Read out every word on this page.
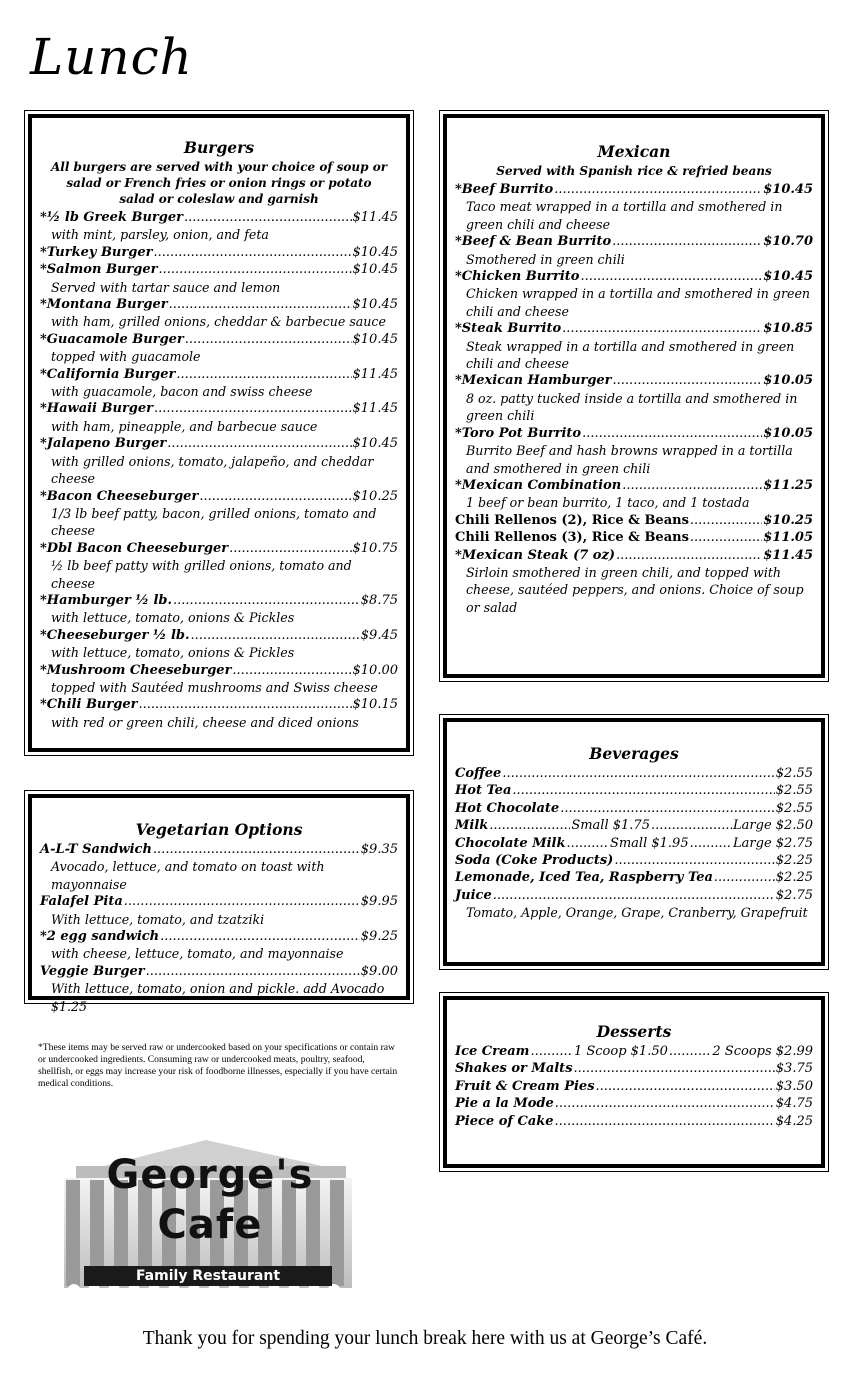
Lunch
Burgers
All burgers are served with your choice of soup or salad or French fries or onion rings or potato salad or coleslaw and garnish
*½ lb Greek Burger .....	$11.45
with mint, parsley, onion, and feta
*Turkey Burger .....	$10.45
*Salmon Burger .....	$10.45
Served with tartar sauce and lemon
*Montana Burger .....	$10.45
with ham, grilled onions, cheddar & barbecue sauce
*Guacamole Burger .....	$10.45
topped with guacamole
*California Burger .....	$11.45
with guacamole, bacon and swiss cheese
*Hawaii Burger .....	$11.45
with ham, pineapple, and barbecue sauce
*Jalapeno Burger .....	$10.45
with grilled onions, tomato, jalapeño, and cheddar cheese
*Bacon Cheeseburger .....	$10.25
1/3 lb beef patty, bacon, grilled onions, tomato and cheese
*Dbl Bacon Cheeseburger .....	$10.75
½ lb beef patty with grilled onions, tomato and cheese
*Hamburger ½ lb. .....	$8.75
with lettuce, tomato, onions & Pickles
*Cheeseburger ½ lb. .....	$9.45
with lettuce, tomato, onions & Pickles
*Mushroom Cheeseburger .....	$10.00
topped with Sautéed mushrooms and Swiss cheese
*Chili Burger .....	$10.15
with red or green chili, cheese and diced onions
Vegetarian Options
A-L-T Sandwich .....	$9.35
Avocado, lettuce, and tomato on toast with mayonnaise
Falafel Pita .....	$9.95
With lettuce, tomato, and tzatziki
*2 egg sandwich .....	$9.25
with cheese, lettuce, tomato, and mayonnaise
Veggie Burger .....	$9.00
With lettuce, tomato, onion and pickle. add Avocado $1.25
Mexican
Served with Spanish rice & refried beans
*Beef Burrito .....	$10.45
Taco meat wrapped in a tortilla and smothered in green chili and cheese
*Beef & Bean Burrito .....	$10.70
Smothered in green chili
*Chicken Burrito .....	$10.45
Chicken wrapped in a tortilla and smothered in green chili and cheese
*Steak Burrito .....	$10.85
Steak wrapped in a tortilla and smothered in green chili and cheese
*Mexican Hamburger .....	$10.05
8 oz. patty tucked inside a tortilla and smothered in green chili
*Toro Pot Burrito .....	$10.05
Burrito Beef and hash browns wrapped in a tortilla and smothered in green chili
*Mexican Combination .....	$11.25
1 beef or bean burrito, 1 taco, and 1 tostada
Chili Rellenos (2), Rice & Beans .....	$10.25
Chili Rellenos (3), Rice & Beans .....	$11.05
*Mexican Steak (7 oz) .....	$11.45
Sirloin smothered in green chili, and topped with cheese, sautéed peppers, and onions. Choice of soup or salad
Beverages
Coffee .....	$2.55
Hot Tea .....	$2.55
Hot Chocolate .....	$2.55
Milk .....	Small $1.75 .....	Large $2.50
Chocolate Milk .....	Small $1.95 .....	Large $2.75
Soda (Coke Products) .....	$2.25
Lemonade, Iced Tea, Raspberry Tea .....	$2.25
Juice .....	$2.75
Tomato, Apple, Orange, Grape, Cranberry, Grapefruit
Desserts
Ice Cream .....	1 Scoop $1.50 .....	2 Scoops $2.99
Shakes or Malts .....	$3.75
Fruit & Cream Pies .....	$3.50
Pie a la Mode .....	$4.75
Piece of Cake .....	$4.25
*These items may be served raw or undercooked based on your specifications or contain raw or undercooked ingredients. Consuming raw or undercooked meats, poultry, seafood, shellfish, or eggs may increase your risk of foodborne illnesses, especially if you have certain medical conditions.
George's
Cafe
Family Restaurant
Thank you for spending your lunch break here with us at George’s Café.
